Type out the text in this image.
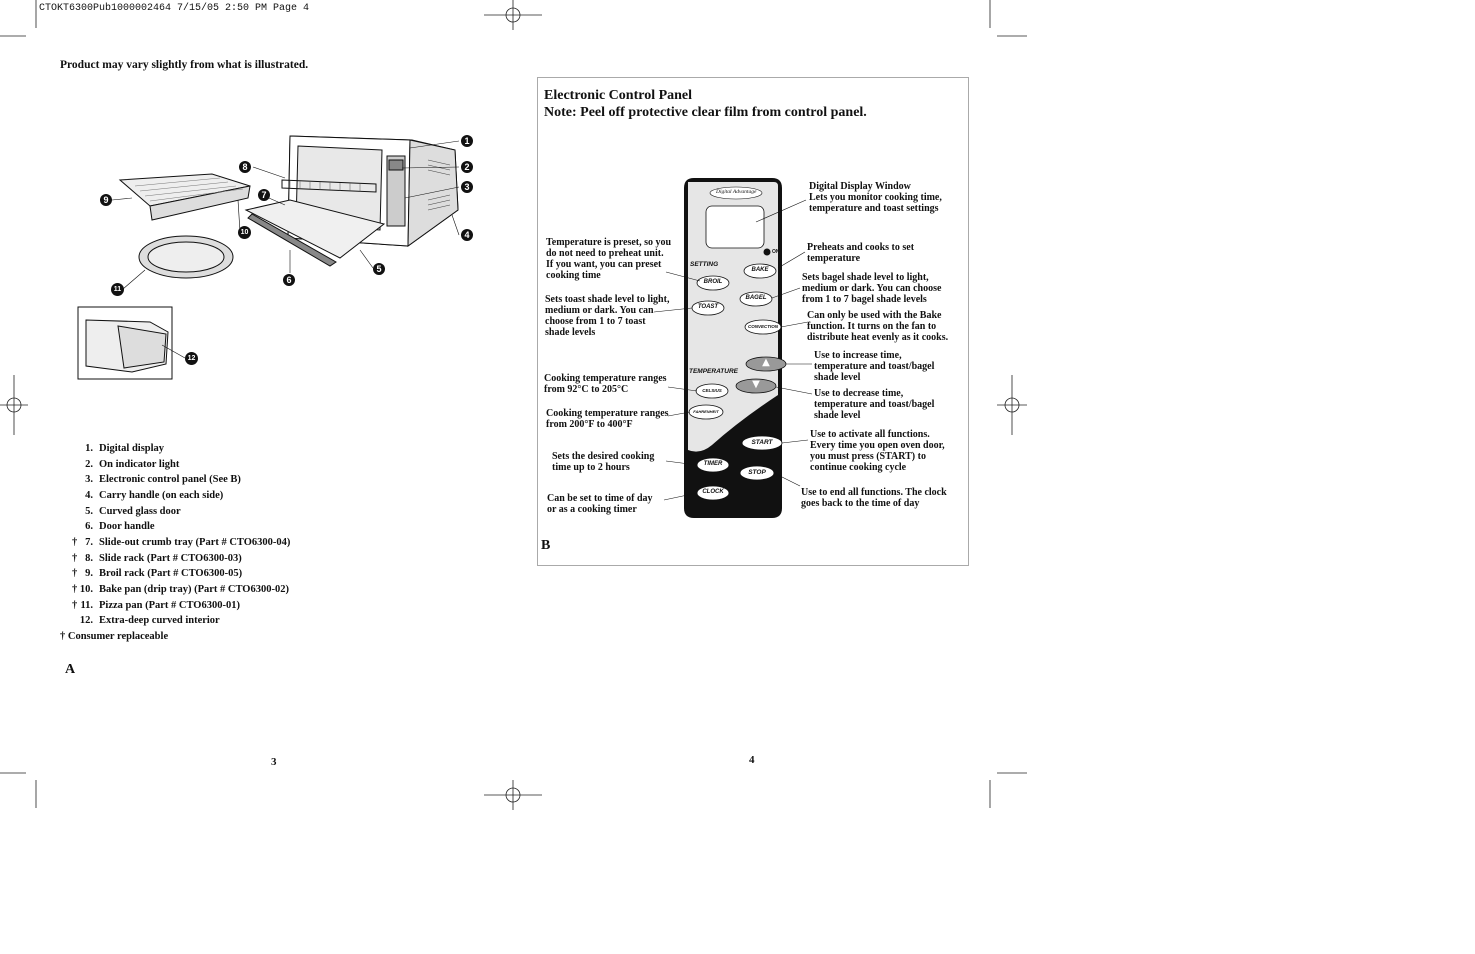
CTOKT6300Pub1000002464 7/15/05 2:50 PM Page 4
Product may vary slightly from what is illustrated.
1
2
3
4
5
6
7
8
9
10
11
12
1. Digital display
2. On indicator light
3. Electronic control panel (See B)
4. Carry handle (on each side)
5. Curved glass door
6. Door handle
† 7. Slide-out crumb tray (Part # CTO6300-04)
† 8. Slide rack (Part # CTO6300-03)
† 9. Broil rack (Part # CTO6300-05)
† 10. Bake pan (drip tray) (Part # CTO6300-02)
† 11. Pizza pan (Part # CTO6300-01)
12. Extra-deep curved interior
† Consumer replaceable
A
3
Electronic Control Panel
Note: Peel off protective clear film from control panel.
B
4
Digital Advantage
ON
SETTING
TEMPERATURE
BAKE
BROIL
BAGEL
TOAST
CONVECTION
▲
▼
CELSIUS
FAHRENHEIT
START
TIMER
STOP
CLOCK
Digital Display Window
Lets you monitor cooking time,
temperature and toast settings
Preheats and cooks to set
temperature
Temperature is preset, so you
do not need to preheat unit.
If you want, you can preset
cooking time	Sets bagel shade level to light,
medium or dark. You can choose
from 1 to 7 bagel shade levels
Sets toast shade level to light,
medium or dark. You can
choose from 1 to 7 toast
shade levels
Can only be used with the Bake
function. It turns on the fan to
distribute heat evenly as it cooks.
Use to increase time,
temperature and toast/bagel
shade level
Use to decrease time,
temperature and toast/bagel
shade level
Cooking temperature ranges
from 92°C to 205°C
Cooking temperature ranges
from 200°F to 400°F
Use to activate all functions.
Every time you open oven door,
you must press (START) to
continue cooking cycle
Sets the desired cooking
time up to 2 hours
Use to end all functions. The clock
goes back to the time of day
Can be set to time of day
or as a cooking timer
